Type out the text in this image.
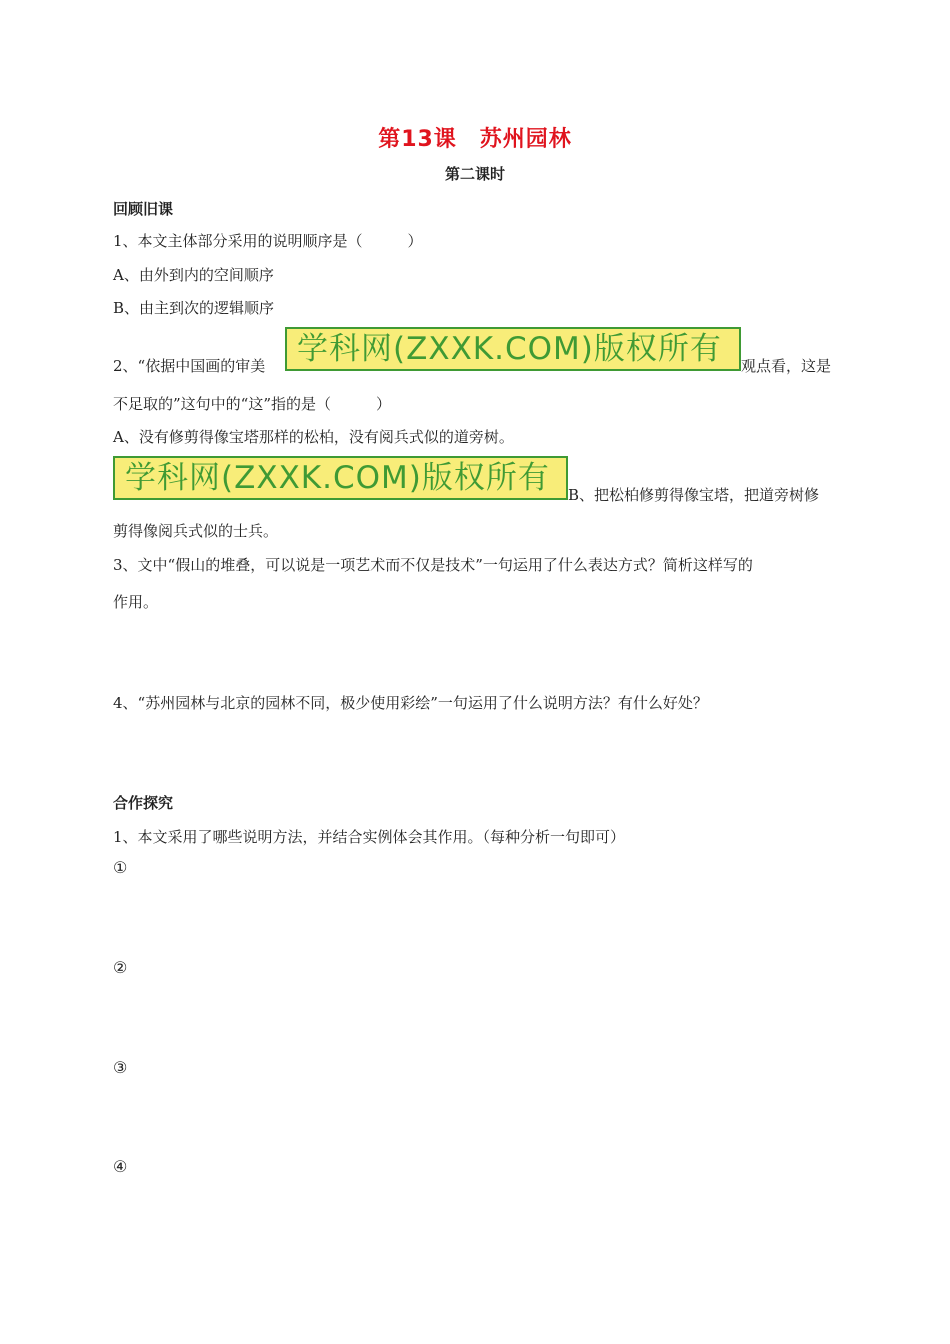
第13课　苏州园林
第二课时
回顾旧课
1、本文主体部分采用的说明顺序是（　　　）
A、由外到内的空间顺序
B、由主到次的逻辑顺序
2、“依据中国画的审美	学科网(ZXXK.COM)版权所有	观点看，这是
不足取的”这句中的“这”指的是（　　　）
A、没有修剪得像宝塔那样的松柏，没有阅兵式似的道旁树。
学科网(ZXXK.COM)版权所有	B、把松柏修剪得像宝塔，把道旁树修
剪得像阅兵式似的士兵。
3、文中“假山的堆叠，可以说是一项艺术而不仅是技术”一句运用了什么表达方式？简析这样写的
作用。
4、“苏州园林与北京的园林不同，极少使用彩绘”一句运用了什么说明方法？有什么好处？
合作探究
1、本文采用了哪些说明方法，并结合实例体会其作用。（每种分析一句即可）
①
②
③
④
